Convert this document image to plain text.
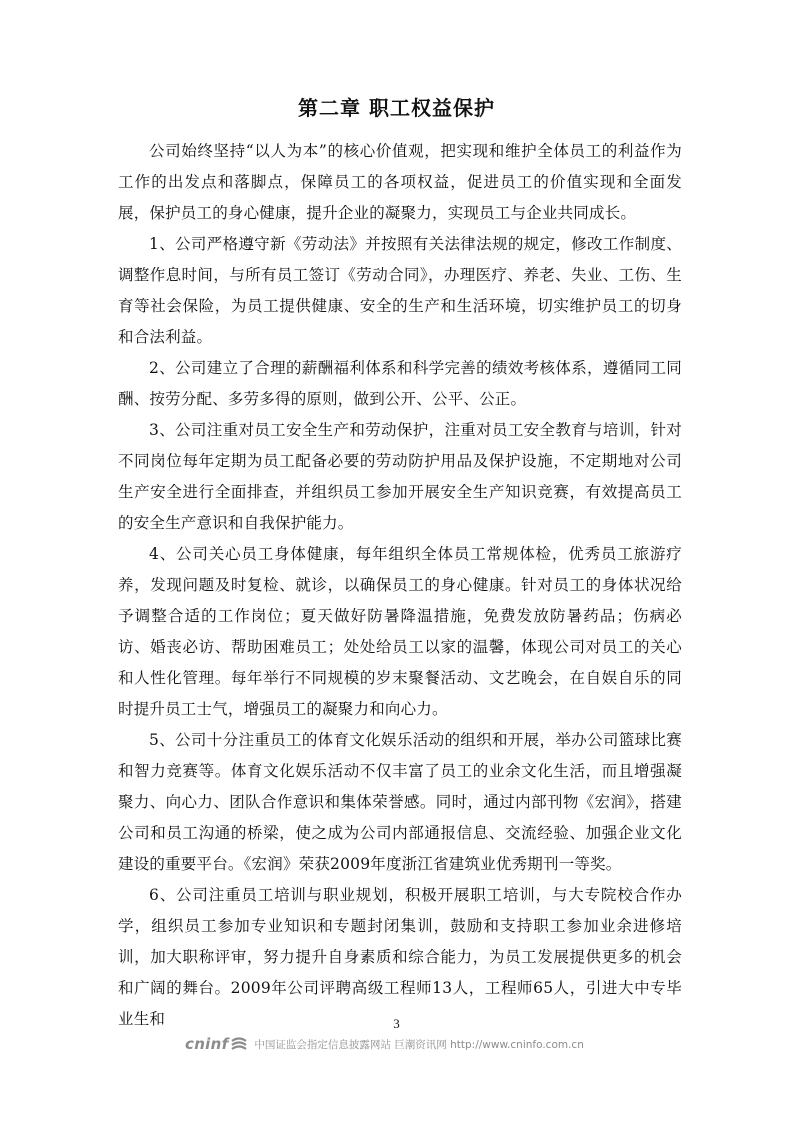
第二章 职工权益保护

公司始终坚持“以人为本”的核心价值观，把实现和维护全体员工的利益作为工作的出发点和落脚点，保障员工的各项权益，促进员工的价值实现和全面发展，保护员工的身心健康，提升企业的凝聚力，实现员工与企业共同成长。

1、公司严格遵守新《劳动法》并按照有关法律法规的规定，修改工作制度、调整作息时间，与所有员工签订《劳动合同》，办理医疗、养老、失业、工伤、生育等社会保险，为员工提供健康、安全的生产和生活环境，切实维护员工的切身和合法利益。

2、公司建立了合理的薪酬福利体系和科学完善的绩效考核体系，遵循同工同酬、按劳分配、多劳多得的原则，做到公开、公平、公正。

3、公司注重对员工安全生产和劳动保护，注重对员工安全教育与培训，针对不同岗位每年定期为员工配备必要的劳动防护用品及保护设施，不定期地对公司生产安全进行全面排查，并组织员工参加开展安全生产知识竞赛，有效提高员工的安全生产意识和自我保护能力。

4、公司关心员工身体健康，每年组织全体员工常规体检，优秀员工旅游疗养，发现问题及时复检、就诊，以确保员工的身心健康。针对员工的身体状况给予调整合适的工作岗位；夏天做好防暑降温措施，免费发放防暑药品；伤病必访、婚丧必访、帮助困难员工；处处给员工以家的温馨，体现公司对员工的关心和人性化管理。每年举行不同规模的岁末聚餐活动、文艺晚会，在自娱自乐的同时提升员工士气，增强员工的凝聚力和向心力。

5、公司十分注重员工的体育文化娱乐活动的组织和开展，举办公司篮球比赛和智力竞赛等。体育文化娱乐活动不仅丰富了员工的业余文化生活，而且增强凝聚力、向心力、团队合作意识和集体荣誉感。同时，通过内部刊物《宏润》，搭建公司和员工沟通的桥梁，使之成为公司内部通报信息、交流经验、加强企业文化建设的重要平台。《宏润》荣获2009年度浙江省建筑业优秀期刊一等奖。

6、公司注重员工培训与职业规划，积极开展职工培训，与大专院校合作办学，组织员工参加专业知识和专题封闭集训，鼓励和支持职工参加业余进修培训，加大职称评审，努力提升自身素质和综合能力，为员工发展提供更多的机会和广阔的舞台。2009年公司评聘高级工程师13人，工程师65人，引进大中专毕业生和	3
cninf 中国证监会指定信息披露网站 巨潮资讯网 http://www.cninfo.com.cn
